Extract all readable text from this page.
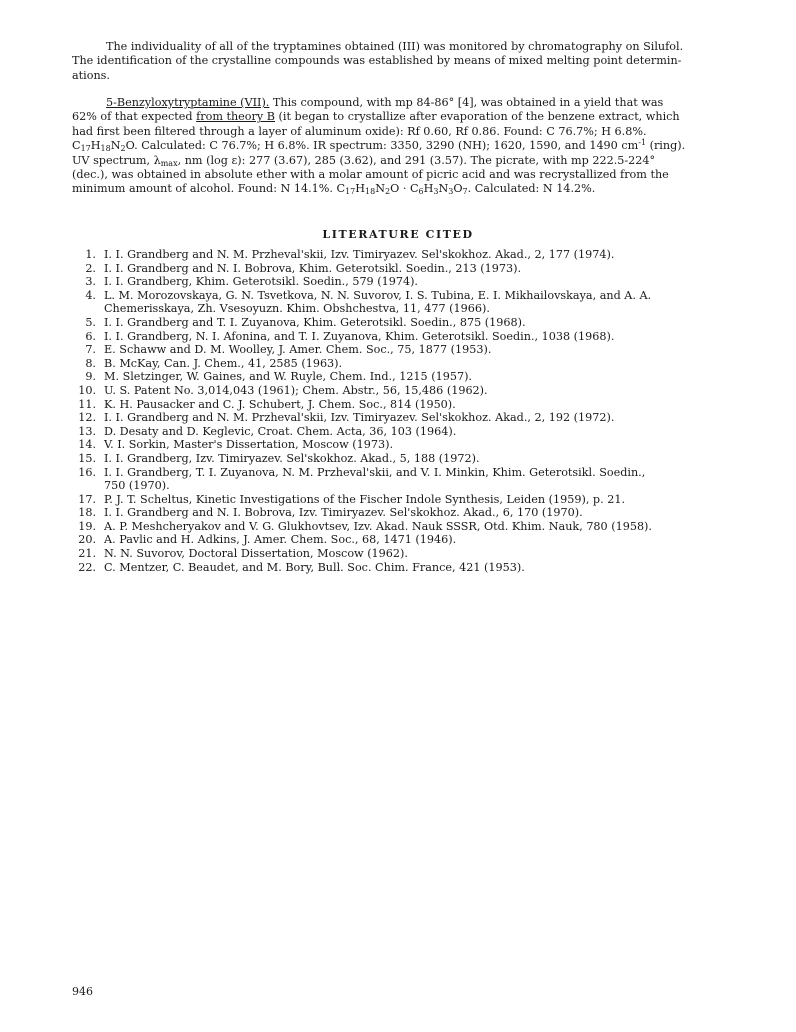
The individuality of all of the tryptamines obtained (III) was monitored by chromatography on Silufol.
The identification of the crystalline compounds was established by means of mixed melting point determin-
ations.

5-Benzyloxytryptamine (VII). This compound, with mp 84-86° [4], was obtained in a yield that was
62% of that expected from theory B (it began to crystallize after evaporation of the benzene extract, which
had first been filtered through a layer of aluminum oxide): Rf 0.60, Rf 0.86. Found: C 76.7%; H 6.8%.
$C_{17}H_{18}N_2O$. Calculated: C 76.7%; H 6.8%. IR spectrum: 3350, 3290 (NH); 1620, 1590, and 1490 $cm^{-1}$ (ring).
UV spectrum, $\lambda_{max}$, nm (log ε): 277 (3.67), 285 (3.62), and 291 (3.57). The picrate, with mp 222.5-224°
(dec.), was obtained in absolute ether with a molar amount of picric acid and was recrystallized from the
minimum amount of alcohol. Found: N 14.1%. $C_{17}H_{18}N_2O \cdot C_6H_3N_3O_7$. Calculated: N 14.2%.

LITERATURE CITED
1. I. I. Grandberg and N. M. Przheval'skii, Izv. Timiryazev. Sel'skokhoz. Akad., 2, 177 (1974).
2. I. I. Grandberg and N. I. Bobrova, Khim. Geterotsikl. Soedin., 213 (1973).
3. I. I. Grandberg, Khim. Geterotsikl. Soedin., 579 (1974).
4. L. M. Morozovskaya, G. N. Tsvetkova, N. N. Suvorov, I. S. Tubina, E. I. Mikhailovskaya, and A. A.
Chemerisskaya, Zh. Vsesoyuzn. Khim. Obshchestva, 11, 477 (1966).
5. I. I. Grandberg and T. I. Zuyanova, Khim. Geterotsikl. Soedin., 875 (1968).
6. I. I. Grandberg, N. I. Afonina, and T. I. Zuyanova, Khim. Geterotsikl. Soedin., 1038 (1968).
7. E. Schaww and D. M. Woolley, J. Amer. Chem. Soc., 75, 1877 (1953).
8. B. McKay, Can. J. Chem., 41, 2585 (1963).
9. M. Sletzinger, W. Gaines, and W. Ruyle, Chem. Ind., 1215 (1957).
10. U. S. Patent No. 3,014,043 (1961); Chem. Abstr., 56, 15,486 (1962).
11. K. H. Pausacker and C. J. Schubert, J. Chem. Soc., 814 (1950).
12. I. I. Grandberg and N. M. Przheval'skii, Izv. Timiryazev. Sel'skokhoz. Akad., 2, 192 (1972).
13. D. Desaty and D. Keglevic, Croat. Chem. Acta, 36, 103 (1964).
14. V. I. Sorkin, Master's Dissertation, Moscow (1973).
15. I. I. Grandberg, Izv. Timiryazev. Sel'skokhoz. Akad., 5, 188 (1972).
16. I. I. Grandberg, T. I. Zuyanova, N. M. Przheval'skii, and V. I. Minkin, Khim. Geterotsikl. Soedin.,
750 (1970).
17. P. J. T. Scheltus, Kinetic Investigations of the Fischer Indole Synthesis, Leiden (1959), p. 21.
18. I. I. Grandberg and N. I. Bobrova, Izv. Timiryazev. Sel'skokhoz. Akad., 6, 170 (1970).
19. A. P. Meshcheryakov and V. G. Glukhovtsev, Izv. Akad. Nauk SSSR, Otd. Khim. Nauk, 780 (1958).
20. A. Pavlic and H. Adkins, J. Amer. Chem. Soc., 68, 1471 (1946).
21. N. N. Suvorov, Doctoral Dissertation, Moscow (1962).
22. C. Mentzer, C. Beaudet, and M. Bory, Bull. Soc. Chim. France, 421 (1953).

946
